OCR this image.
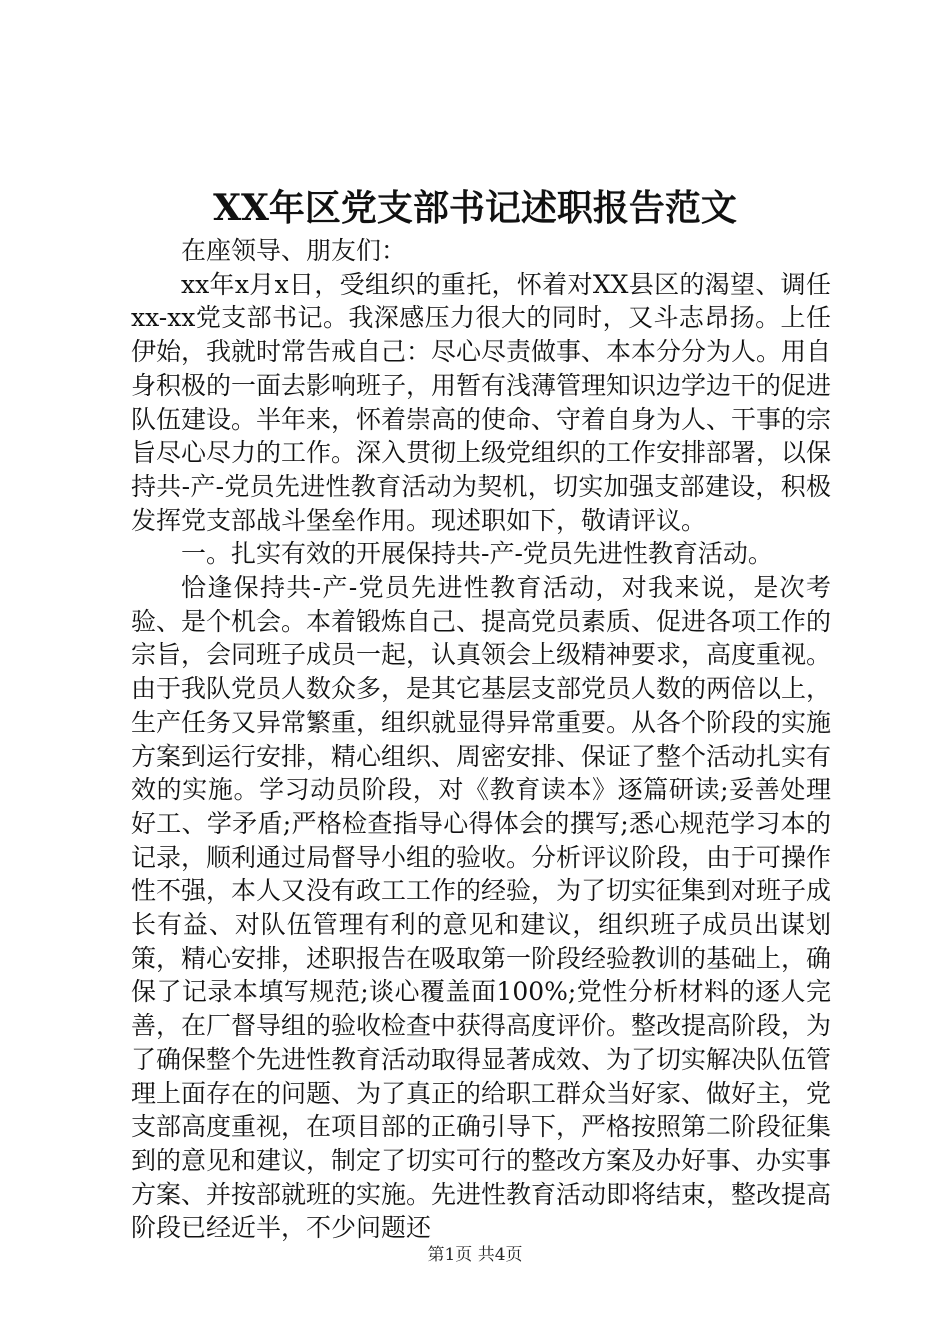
XX年区党支部书记述职报告范文

在座领导、朋友们：

xx年x月x日，受组织的重托，怀着对XX县区的渴望、调任xx-xx党支部书记。我深感压力很大的同时，又斗志昂扬。上任伊始，我就时常告戒自己：尽心尽责做事、本本分分为人。用自身积极的一面去影响班子，用暂有浅薄管理知识边学边干的促进队伍建设。半年来，怀着崇高的使命、守着自身为人、干事的宗旨尽心尽力的工作。深入贯彻上级党组织的工作安排部署，以保持共-产-党员先进性教育活动为契机，切实加强支部建设，积极发挥党支部战斗堡垒作用。现述职如下，敬请评议。

一。扎实有效的开展保持共-产-党员先进性教育活动。

恰逢保持共-产-党员先进性教育活动，对我来说，是次考验、是个机会。本着锻炼自己、提高党员素质、促进各项工作的宗旨，会同班子成员一起，认真领会上级精神要求，高度重视。由于我队党员人数众多，是其它基层支部党员人数的两倍以上，生产任务又异常繁重，组织就显得异常重要。从各个阶段的实施方案到运行安排，精心组织、周密安排、保证了整个活动扎实有效的实施。学习动员阶段，对《教育读本》逐篇研读;妥善处理好工、学矛盾;严格检查指导心得体会的撰写;悉心规范学习本的记录，顺利通过局督导小组的验收。分析评议阶段，由于可操作性不强，本人又没有政工工作的经验，为了切实征集到对班子成长有益、对队伍管理有利的意见和建议，组织班子成员出谋划策，精心安排，述职报告在吸取第一阶段经验教训的基础上，确保了记录本填写规范;谈心覆盖面100%;党性分析材料的逐人完善，在厂督导组的验收检查中获得高度评价。整改提高阶段，为了确保整个先进性教育活动取得显著成效、为了切实解决队伍管理上面存在的问题、为了真正的给职工群众当好家、做好主，党支部高度重视，在项目部的正确引导下，严格按照第二阶段征集到的意见和建议，制定了切实可行的整改方案及办好事、办实事方案、并按部就班的实施。先进性教育活动即将结束，整改提高阶段已经近半，不少问题还

第1页 共4页
